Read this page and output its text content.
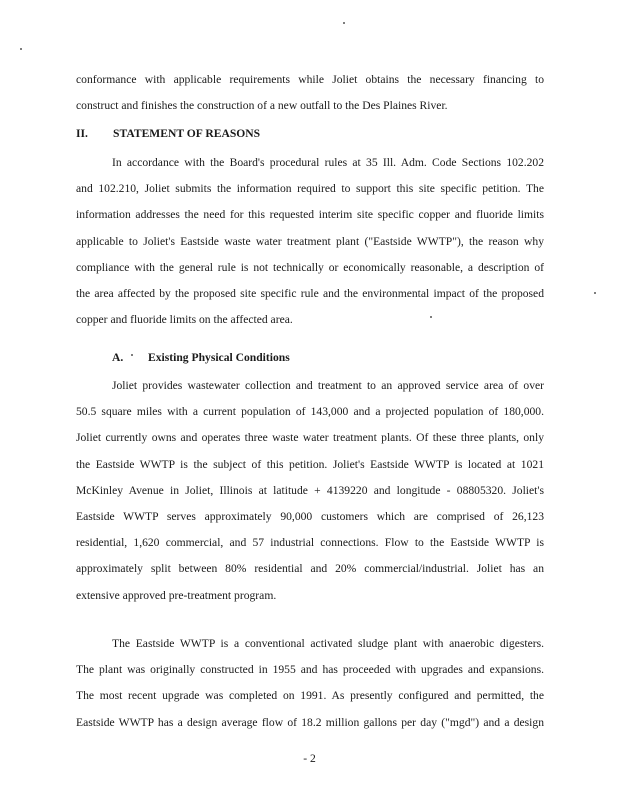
conformance with applicable requirements while Joliet obtains the necessary financing to
construct and finishes the construction of a new outfall to the Des Plaines River.
II. STATEMENT OF REASONS
In accordance with the Board's procedural rules at 35 Ill. Adm. Code Sections 102.202
and 102.210, Joliet submits the information required to support this site specific petition. The
information addresses the need for this requested interim site specific copper and fluoride limits
applicable to Joliet's Eastside waste water treatment plant ("Eastside WWTP"), the reason why
compliance with the general rule is not technically or economically reasonable, a description of
the area affected by the proposed site specific rule and the environmental impact of the proposed
copper and fluoride limits on the affected area.
A. Existing Physical Conditions
Joliet provides wastewater collection and treatment to an approved service area of over
50.5 square miles with a current population of 143,000 and a projected population of 180,000.
Joliet currently owns and operates three waste water treatment plants. Of these three plants, only
the Eastside WWTP is the subject of this petition. Joliet's Eastside WWTP is located at 1021
McKinley Avenue in Joliet, Illinois at latitude + 4139220 and longitude - 08805320. Joliet's
Eastside WWTP serves approximately 90,000 customers which are comprised of 26,123
residential, 1,620 commercial, and 57 industrial connections. Flow to the Eastside WWTP is
approximately split between 80% residential and 20% commercial/industrial. Joliet has an
extensive approved pre-treatment program.
The Eastside WWTP is a conventional activated sludge plant with anaerobic digesters.
The plant was originally constructed in 1955 and has proceeded with upgrades and expansions.
The most recent upgrade was completed on 1991. As presently configured and permitted, the
Eastside WWTP has a design average flow of 18.2 million gallons per day ("mgd") and a design
- 2
